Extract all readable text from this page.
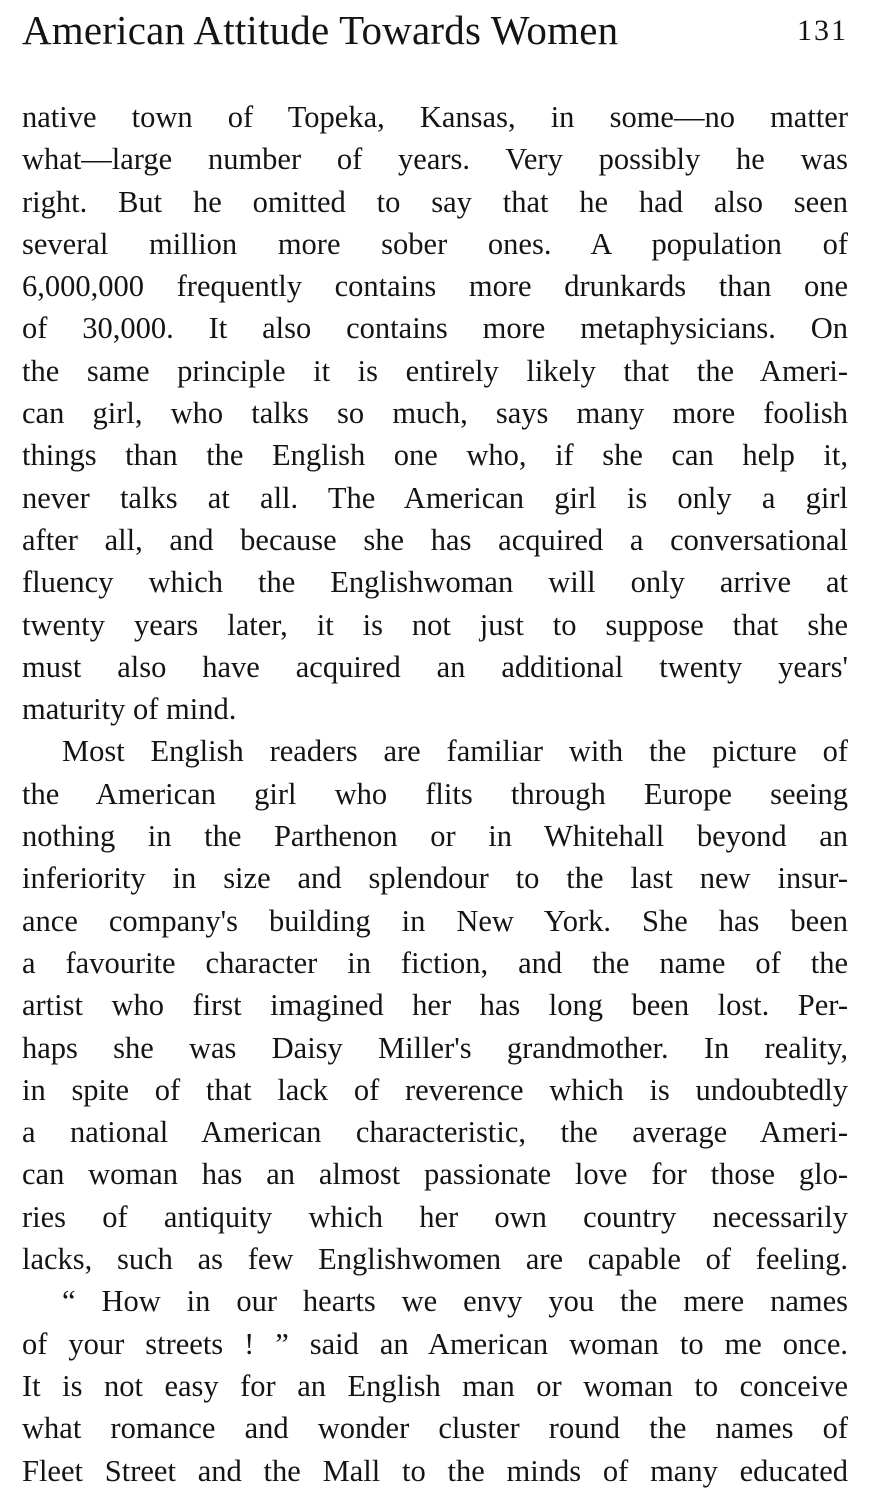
American Attitude Towards Women	131
native town of Topeka, Kansas, in some—no matter
what—large number of years. Very possibly he was
right. But he omitted to say that he had also seen
several million more sober ones. A population of
6,000,000 frequently contains more drunkards than one
of 30,000. It also contains more metaphysicians. On
the same principle it is entirely likely that the Ameri-
can girl, who talks so much, says many more foolish
things than the English one who, if she can help it,
never talks at all. The American girl is only a girl
after all, and because she has acquired a conversational
fluency which the Englishwoman will only arrive at
twenty years later, it is not just to suppose that she
must also have acquired an additional twenty years'
maturity of mind.
Most English readers are familiar with the picture of
the American girl who flits through Europe seeing
nothing in the Parthenon or in Whitehall beyond an
inferiority in size and splendour to the last new insur-
ance company's building in New York. She has been
a favourite character in fiction, and the name of the
artist who first imagined her has long been lost. Per-
haps she was Daisy Miller's grandmother. In reality,
in spite of that lack of reverence which is undoubtedly
a national American characteristic, the average Ameri-
can woman has an almost passionate love for those glo-
ries of antiquity which her own country necessarily
lacks, such as few Englishwomen are capable of feeling.
“ How in our hearts we envy you the mere names
of your streets ! ” said an American woman to me once.
It is not easy for an English man or woman to conceive
what romance and wonder cluster round the names of
Fleet Street and the Mall to the minds of many educated
